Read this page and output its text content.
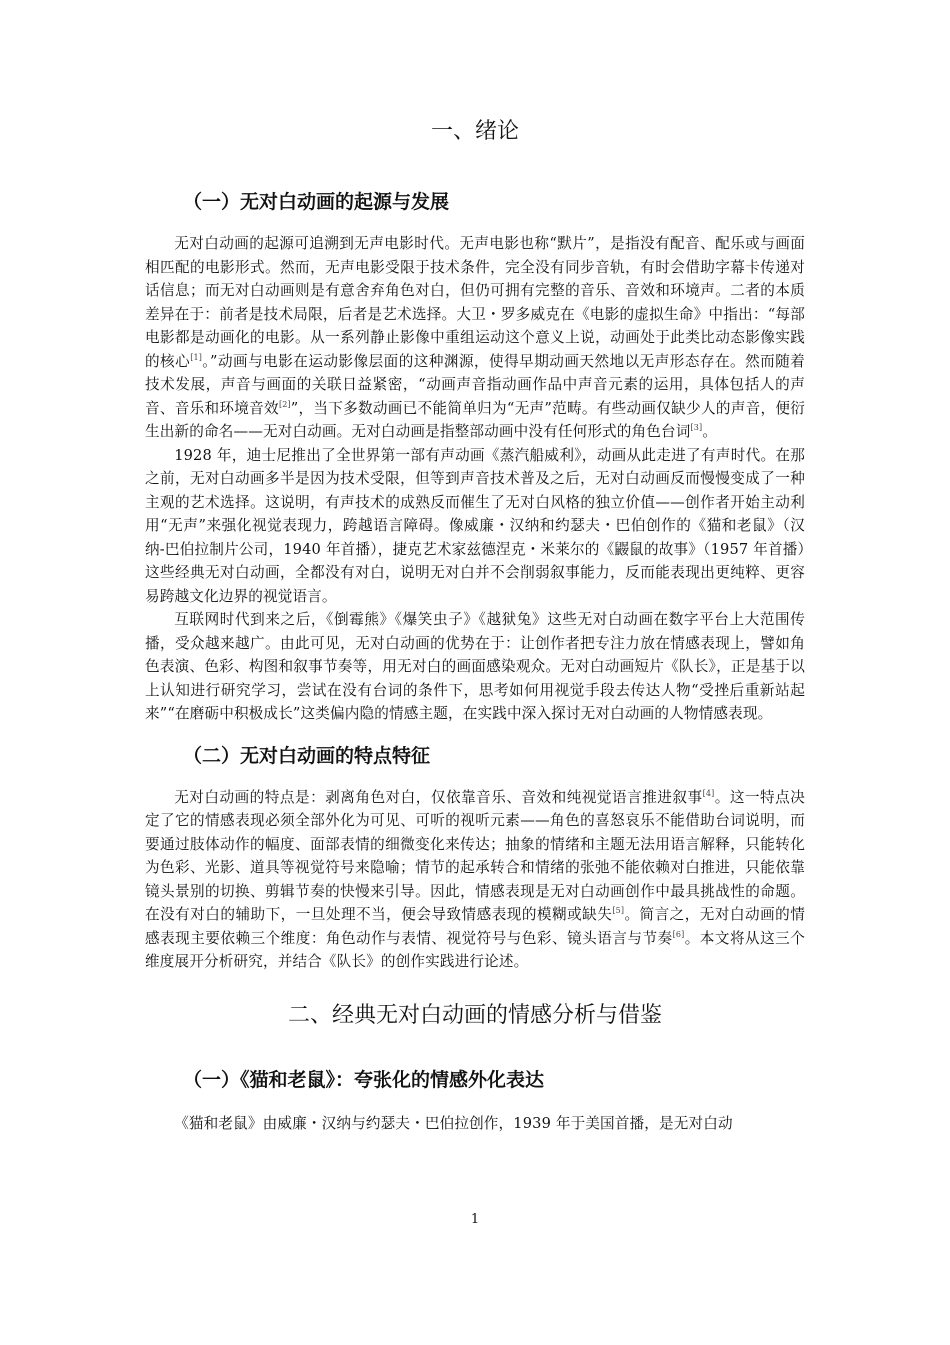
一、绪论
（一）无对白动画的起源与发展

无对白动画的起源可追溯到无声电影时代。无声电影也称“默片”，是指没有配音、配乐或与画面相匹配的电影形式。然而，无声电影受限于技术条件，完全没有同步音轨，有时会借助字幕卡传递对话信息；而无对白动画则是有意舍弃角色对白，但仍可拥有完整的音乐、音效和环境声。二者的本质差异在于：前者是技术局限，后者是艺术选择。大卫・罗多威克在《电影的虚拟生命》中指出：“每部电影都是动画化的电影。从一系列静止影像中重组运动这个意义上说，动画处于此类比动态影像实践的核心[1]。”动画与电影在运动影像层面的这种渊源，使得早期动画天然地以无声形态存在。然而随着技术发展，声音与画面的关联日益紧密，“动画声音指动画作品中声音元素的运用，具体包括人的声音、音乐和环境音效[2]”，当下多数动画已不能简单归为“无声”范畴。有些动画仅缺少人的声音，便衍生出新的命名——无对白动画。无对白动画是指整部动画中没有任何形式的角色台词[3]。

1928 年，迪士尼推出了全世界第一部有声动画《蒸汽船威利》，动画从此走进了有声时代。在那之前，无对白动画多半是因为技术受限，但等到声音技术普及之后，无对白动画反而慢慢变成了一种主观的艺术选择。这说明，有声技术的成熟反而催生了无对白风格的独立价值——创作者开始主动利用“无声”来强化视觉表现力，跨越语言障碍。像威廉・汉纳和约瑟夫・巴伯创作的《猫和老鼠》（汉纳-巴伯拉制片公司，1940 年首播），捷克艺术家兹德涅克・米莱尔的《鼹鼠的故事》（1957 年首播）这些经典无对白动画，全都没有对白，说明无对白并不会削弱叙事能力，反而能表现出更纯粹、更容易跨越文化边界的视觉语言。

互联网时代到来之后，《倒霉熊》《爆笑虫子》《越狱兔》这些无对白动画在数字平台上大范围传播，受众越来越广。由此可见，无对白动画的优势在于：让创作者把专注力放在情感表现上，譬如角色表演、色彩、构图和叙事节奏等，用无对白的画面感染观众。无对白动画短片《队长》，正是基于以上认知进行研究学习，尝试在没有台词的条件下，思考如何用视觉手段去传达人物“受挫后重新站起来”“在磨砺中积极成长”这类偏内隐的情感主题，在实践中深入探讨无对白动画的人物情感表现。

（二）无对白动画的特点特征

无对白动画的特点是：剥离角色对白，仅依靠音乐、音效和纯视觉语言推进叙事[4]。这一特点决定了它的情感表现必须全部外化为可见、可听的视听元素——角色的喜怒哀乐不能借助台词说明，而要通过肢体动作的幅度、面部表情的细微变化来传达；抽象的情绪和主题无法用语言解释，只能转化为色彩、光影、道具等视觉符号来隐喻；情节的起承转合和情绪的张弛不能依赖对白推进，只能依靠镜头景别的切换、剪辑节奏的快慢来引导。因此，情感表现是无对白动画创作中最具挑战性的命题。在没有对白的辅助下，一旦处理不当，便会导致情感表现的模糊或缺失[5]。简言之，无对白动画的情感表现主要依赖三个维度：角色动作与表情、视觉符号与色彩、镜头语言与节奏[6]。本文将从这三个维度展开分析研究，并结合《队长》的创作实践进行论述。

二、经典无对白动画的情感分析与借鉴
（一）《猫和老鼠》：夸张化的情感外化表达

《猫和老鼠》由威廉・汉纳与约瑟夫・巴伯拉创作，1939 年于美国首播，是无对白动

1
